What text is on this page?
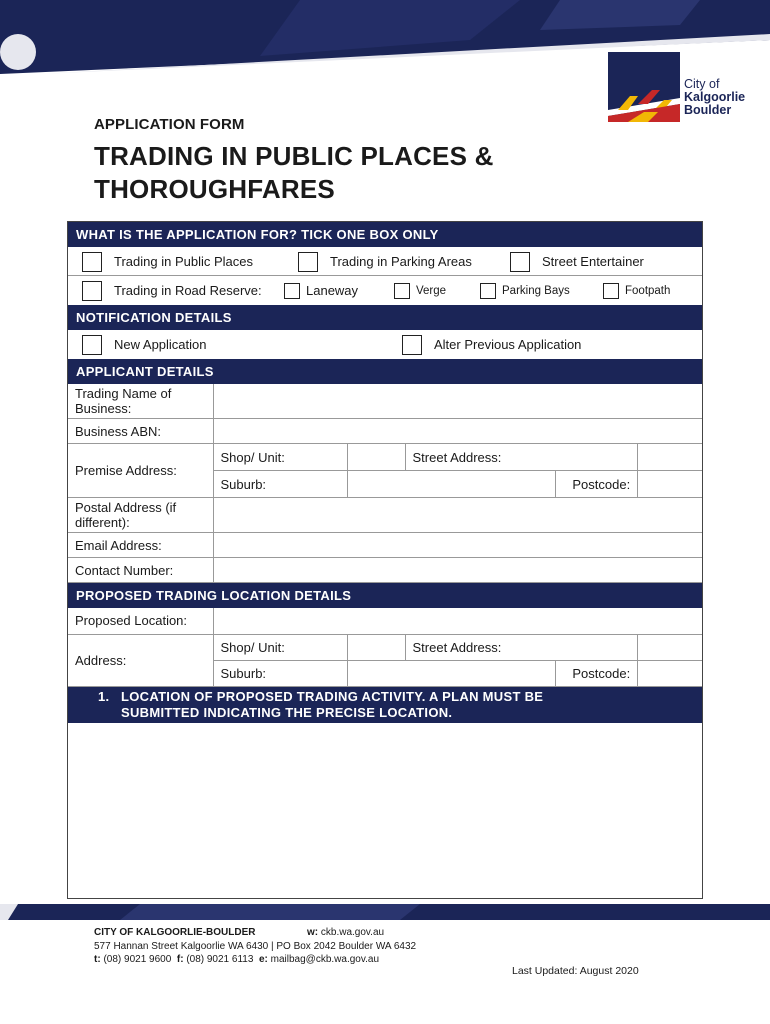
City of
Kalgoorlie
Boulder
APPLICATION FORM
TRADING IN PUBLIC PLACES &
THOROUGHFARES
WHAT IS THE APPLICATION FOR? TICK ONE BOX ONLY
Trading in Public Places	Trading in Parking Areas	Street Entertainer
Trading in Road Reserve:	Laneway	Verge	Parking Bays	Footpath
NOTIFICATION DETAILS
New Application	Alter Previous Application
APPLICANT DETAILS
Trading Name of Business:					
Business ABN:					
Premise Address:	Shop/ Unit:		Street Address:		
	Suburb:			Postcode:	
Postal Address (if different):					
Email Address:					
Contact Number:					
PROPOSED TRADING LOCATION DETAILS
Proposed Location:					
Address:	Shop/ Unit:		Street Address:		
	Suburb:			Postcode:	
1. LOCATION OF PROPOSED TRADING ACTIVITY. A PLAN MUST BE
SUBMITTED INDICATING THE PRECISE LOCATION.
CITY OF KALGOORLIE-BOULDER	w: ckb.wa.gov.au
577 Hannan Street Kalgoorlie WA 6430 | PO Box 2042 Boulder WA 6432
t: (08) 9021 9600 f: (08) 9021 6113 e: mailbag@ckb.wa.gov.au
Last Updated: August 2020
